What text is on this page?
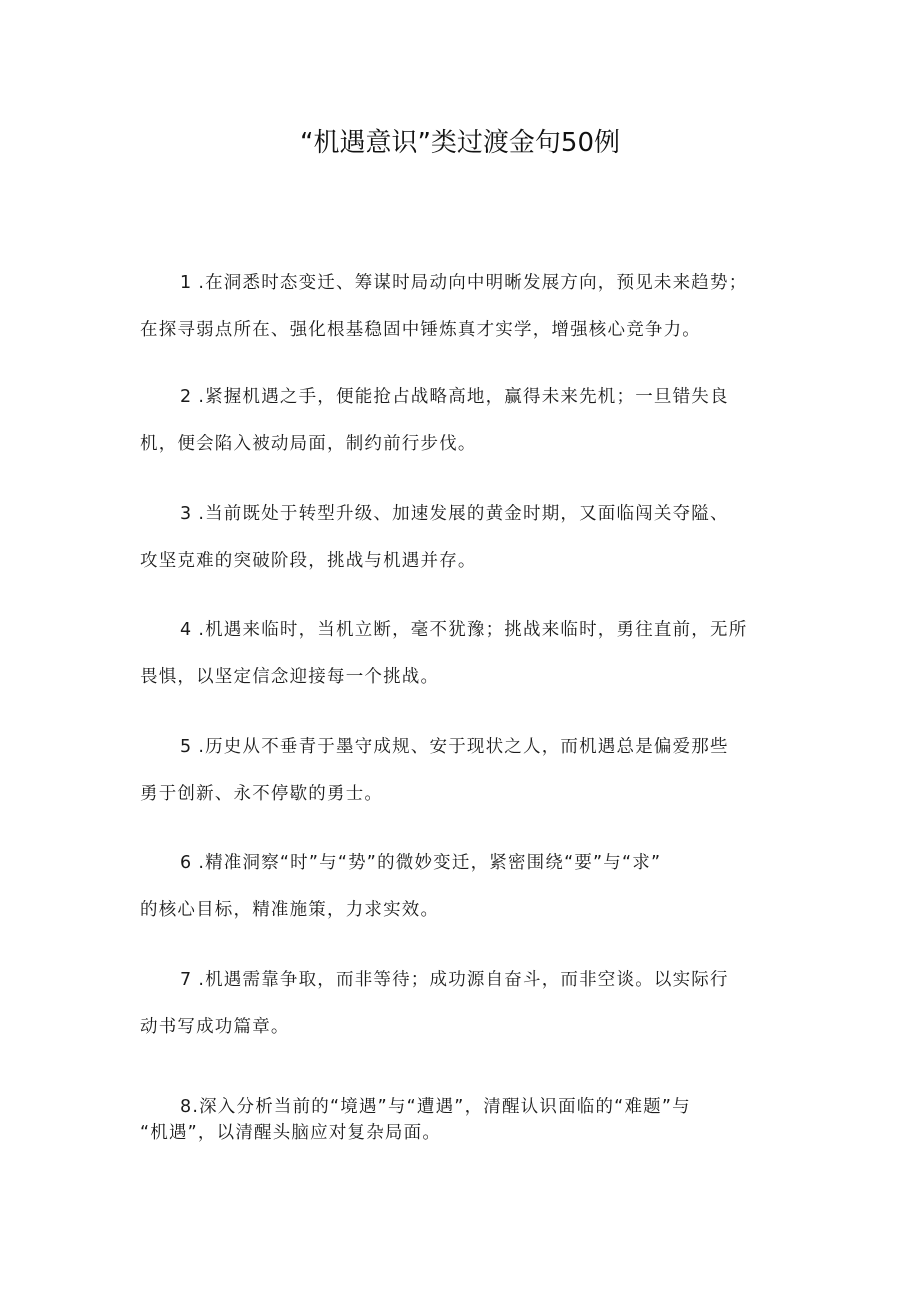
“机遇意识”类过渡金句50例
1 .在洞悉时态变迁、筹谋时局动向中明晰发展方向，预见未来趋势；
在探寻弱点所在、强化根基稳固中锤炼真才实学，增强核心竞争力。
2 .紧握机遇之手，便能抢占战略高地，赢得未来先机；一旦错失良
机，便会陷入被动局面，制约前行步伐。
3 .当前既处于转型升级、加速发展的黄金时期，又面临闯关夺隘、
攻坚克难的突破阶段，挑战与机遇并存。
4 .机遇来临时，当机立断，毫不犹豫；挑战来临时，勇往直前，无所
畏惧，以坚定信念迎接每一个挑战。
5 .历史从不垂青于墨守成规、安于现状之人，而机遇总是偏爱那些
勇于创新、永不停歇的勇士。
6 .精准洞察“时”与“势”的微妙变迁，紧密围绕“要”与“求”
的核心目标，精准施策，力求实效。
7 .机遇需靠争取，而非等待；成功源自奋斗，而非空谈。以实际行
动书写成功篇章。
8.深入分析当前的“境遇”与“遭遇”，清醒认识面临的“难题”与
“机遇”，以清醒头脑应对复杂局面。
